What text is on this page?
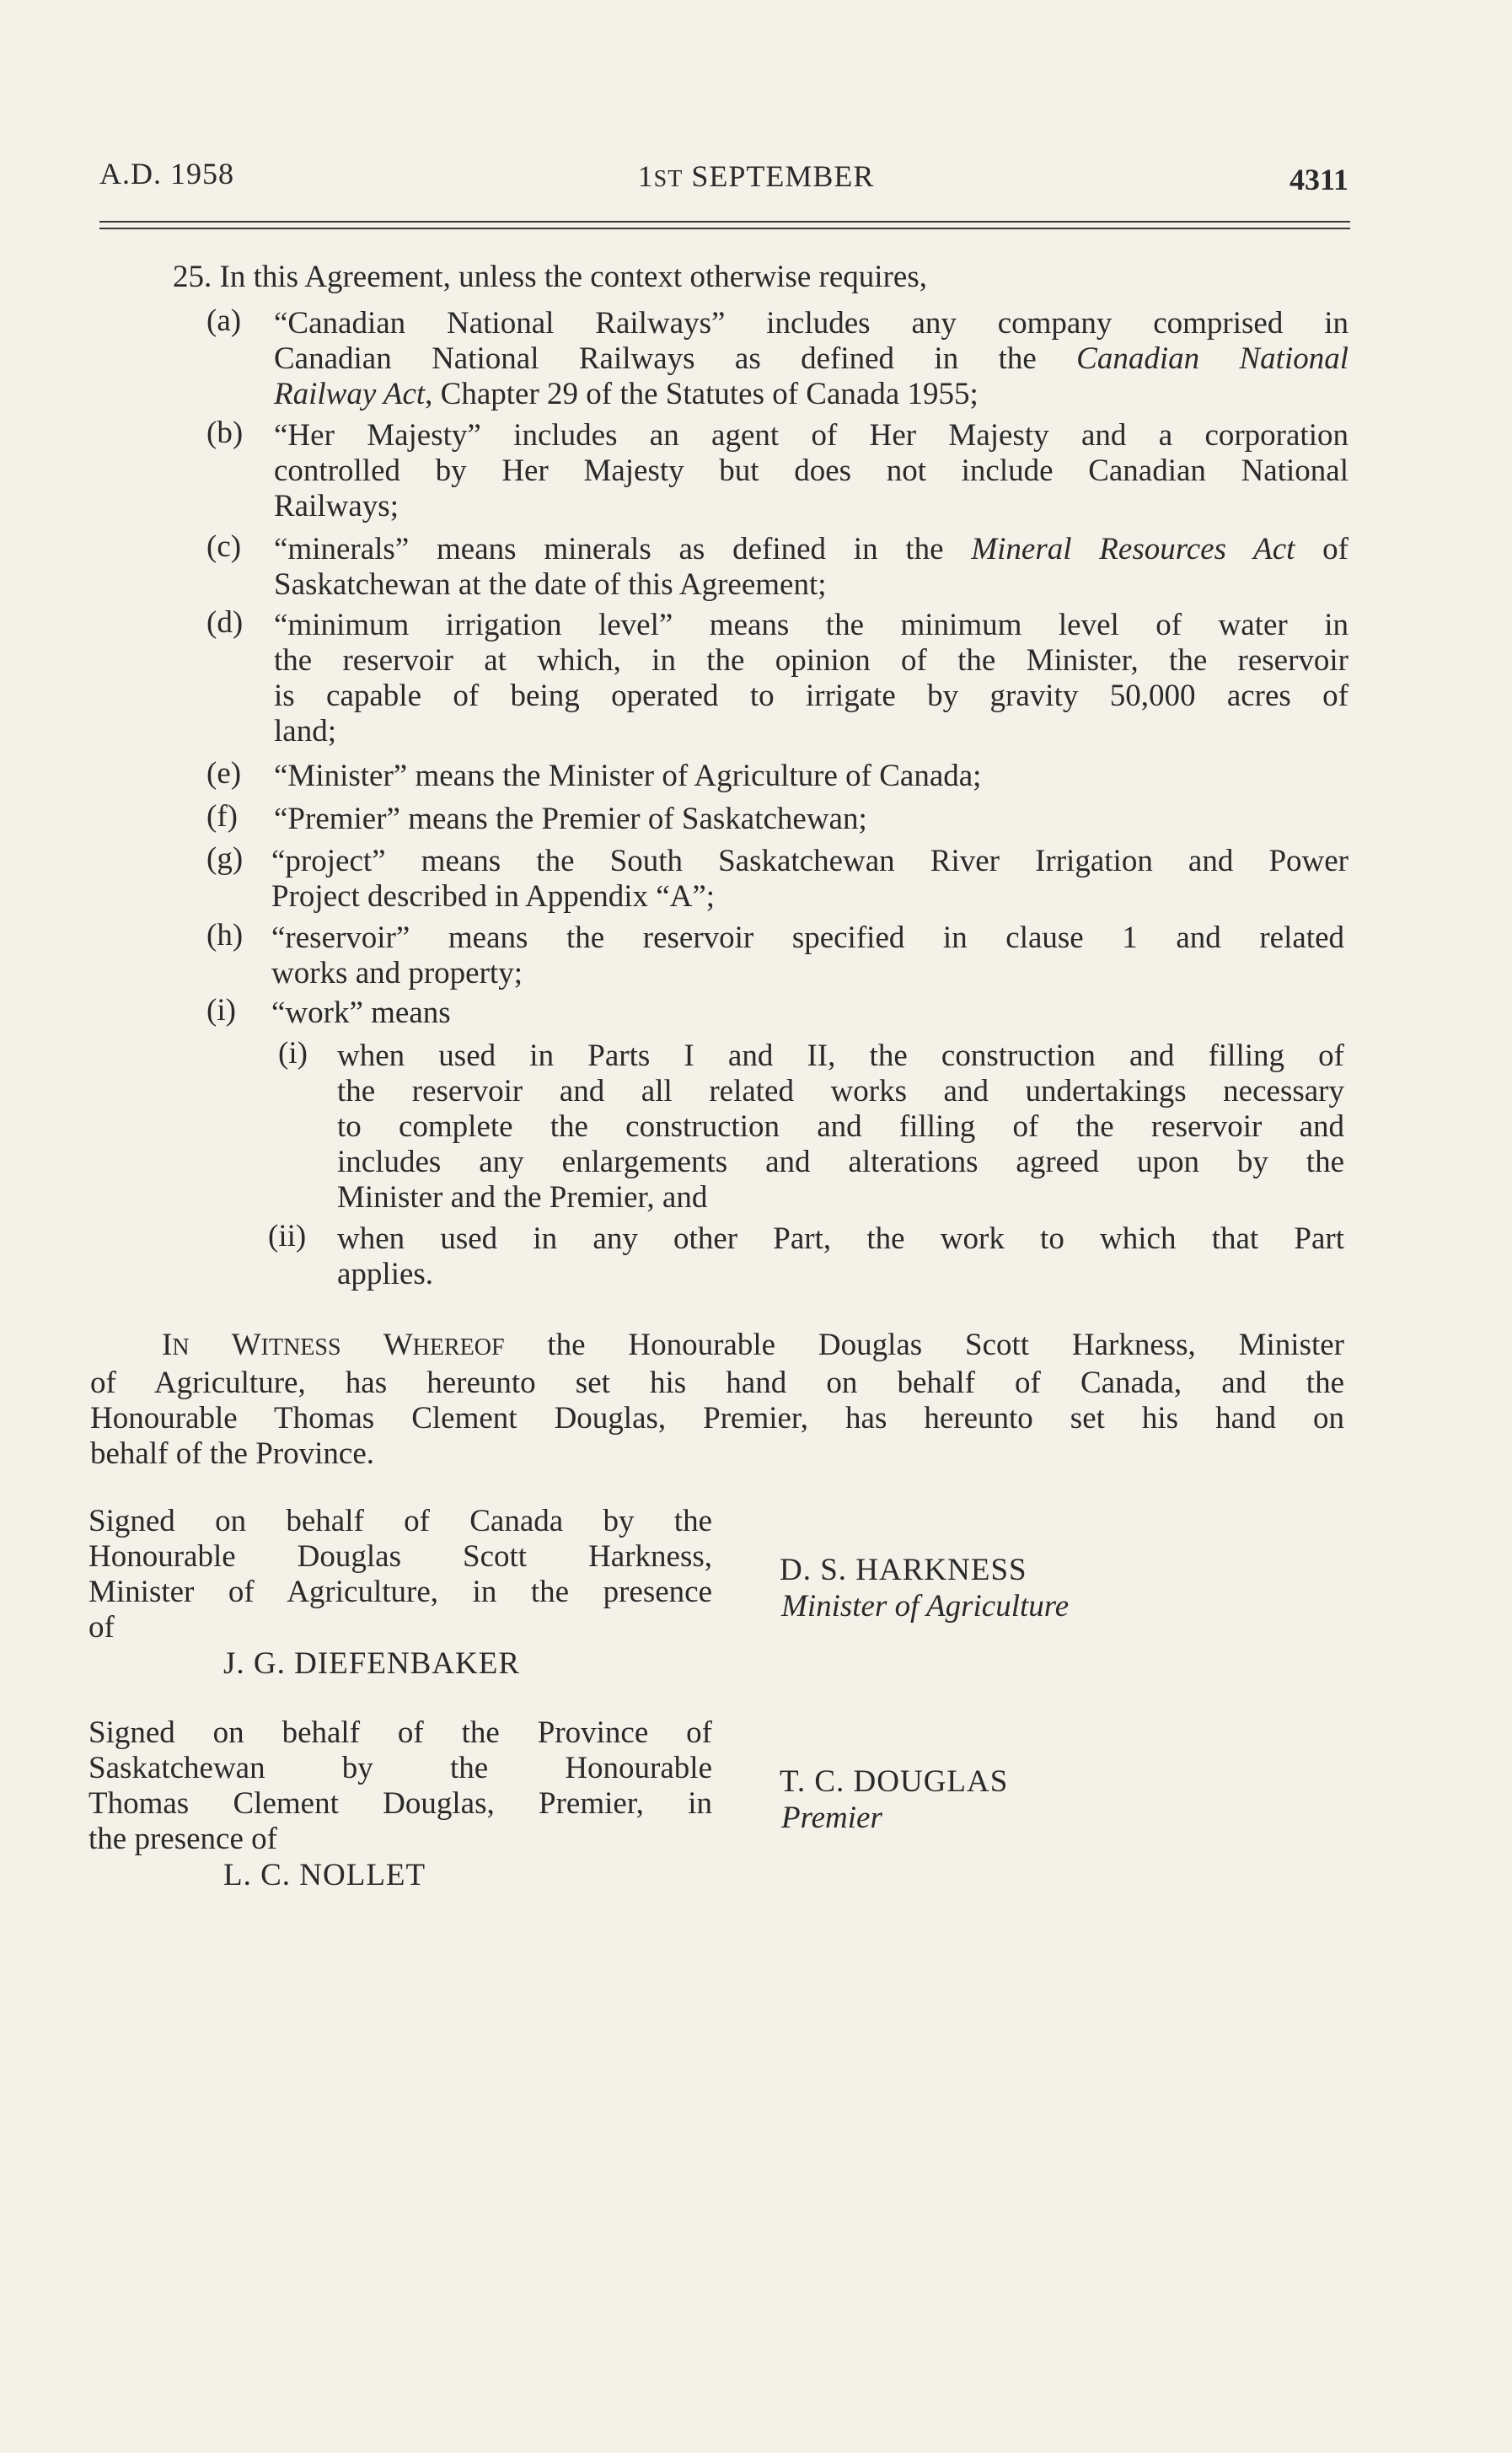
A.D. 1958	1ST SEPTEMBER	4311
25. In this Agreement, unless the context otherwise requires,
(a) “Canadian National Railways” includes any company comprised in
Canadian National Railways as defined in the Canadian National
Railway Act, Chapter 29 of the Statutes of Canada 1955;
(b) “Her Majesty” includes an agent of Her Majesty and a corporation
controlled by Her Majesty but does not include Canadian National
Railways;
(c) “minerals” means minerals as defined in the Mineral Resources Act of
Saskatchewan at the date of this Agreement;
(d) “minimum irrigation level” means the minimum level of water in
the reservoir at which, in the opinion of the Minister, the reservoir
is capable of being operated to irrigate by gravity 50,000 acres of
land;
(e) “Minister” means the Minister of Agriculture of Canada;
(f) “Premier” means the Premier of Saskatchewan;
(g) “project” means the South Saskatchewan River Irrigation and Power
Project described in Appendix “A”;
(h) “reservoir” means the reservoir specified in clause 1 and related
works and property;
(i) “work” means
(i) when used in Parts I and II, the construction and filling of
the reservoir and all related works and undertakings necessary
to complete the construction and filling of the reservoir and
includes any enlargements and alterations agreed upon by the
Minister and the Premier, and
(ii) when used in any other Part, the work to which that Part
applies.
IN WITNESS WHEREOF the Honourable Douglas Scott Harkness, Minister
of Agriculture, has hereunto set his hand on behalf of Canada, and the
Honourable Thomas Clement Douglas, Premier, has hereunto set his hand on
behalf of the Province.
Signed on behalf of Canada by the
Honourable Douglas Scott Harkness,
Minister of Agriculture, in the presence
of
J. G. DIEFENBAKER
D. S. HARKNESS
Minister of Agriculture
Signed on behalf of the Province of
Saskatchewan by the Honourable
Thomas Clement Douglas, Premier, in
the presence of
L. C. NOLLET
T. C. DOUGLAS
Premier
